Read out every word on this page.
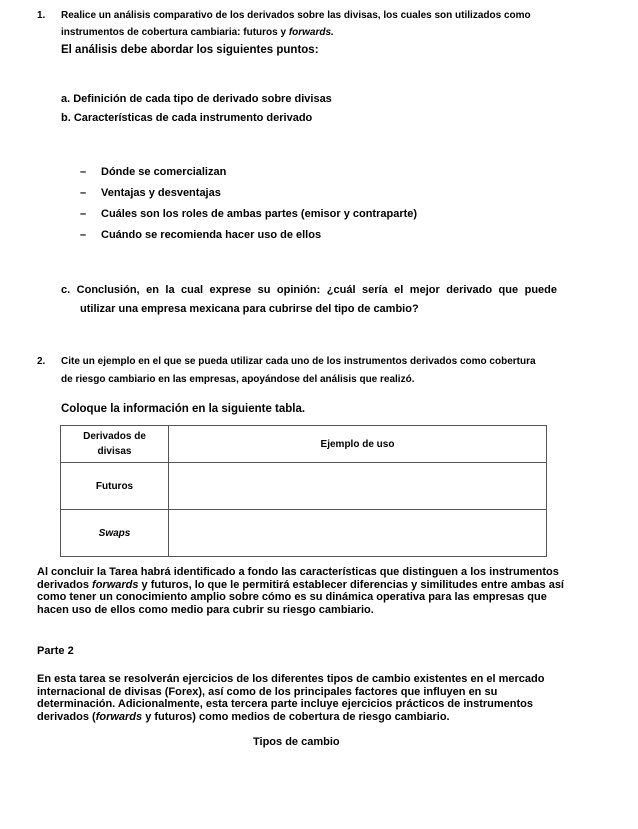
1. Realice un análisis comparativo de los derivados sobre las divisas, los cuales son utilizados como
instrumentos de cobertura cambiaria: futuros y forwards.
El análisis debe abordar los siguientes puntos:
a. Definición de cada tipo de derivado sobre divisas
b. Características de cada instrumento derivado
– Dónde se comercializan
– Ventajas y desventajas
– Cuáles son los roles de ambas partes (emisor y contraparte)
– Cuándo se recomienda hacer uso de ellos
c. Conclusión, en la cual exprese su opinión: ¿cuál sería el mejor derivado que puede
utilizar una empresa mexicana para cubrirse del tipo de cambio?
2. Cite un ejemplo en el que se pueda utilizar cada uno de los instrumentos derivados como cobertura
de riesgo cambiario en las empresas, apoyándose del análisis que realizó.
Coloque la información en la siguiente tabla.
Derivados de
divisas	Ejemplo de uso
Futuros	
Swaps	
Al concluir la Tarea habrá identificado a fondo las características que distinguen a los instrumentos derivados forwards y futuros, lo que le permitirá establecer diferencias y similitudes entre ambas así como tener un conocimiento amplio sobre cómo es su dinámica operativa para las empresas que hacen uso de ellos como medio para cubrir su riesgo cambiario.
Parte 2
En esta tarea se resolverán ejercicios de los diferentes tipos de cambio existentes en el mercado internacional de divisas (Forex), así como de los principales factores que influyen en su determinación. Adicionalmente, esta tercera parte incluye ejercicios prácticos de instrumentos derivados (forwards y futuros) como medios de cobertura de riesgo cambiario.
Tipos de cambio
